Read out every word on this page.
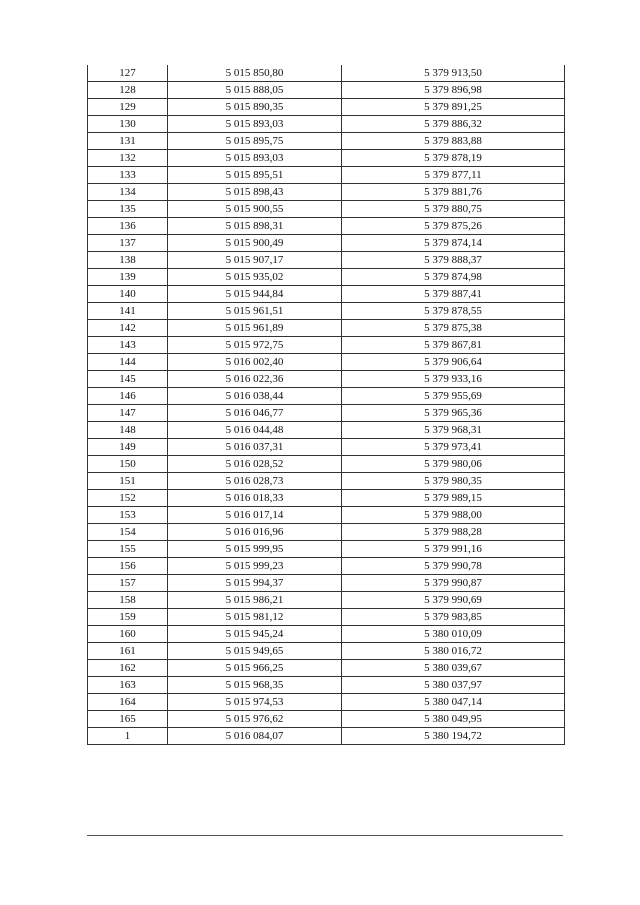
127	5 015 850,80	5 379 913,50
128	5 015 888,05	5 379 896,98
129	5 015 890,35	5 379 891,25
130	5 015 893,03	5 379 886,32
131	5 015 895,75	5 379 883,88
132	5 015 893,03	5 379 878,19
133	5 015 895,51	5 379 877,11
134	5 015 898,43	5 379 881,76
135	5 015 900,55	5 379 880,75
136	5 015 898,31	5 379 875,26
137	5 015 900,49	5 379 874,14
138	5 015 907,17	5 379 888,37
139	5 015 935,02	5 379 874,98
140	5 015 944,84	5 379 887,41
141	5 015 961,51	5 379 878,55
142	5 015 961,89	5 379 875,38
143	5 015 972,75	5 379 867,81
144	5 016 002,40	5 379 906,64
145	5 016 022,36	5 379 933,16
146	5 016 038,44	5 379 955,69
147	5 016 046,77	5 379 965,36
148	5 016 044,48	5 379 968,31
149	5 016 037,31	5 379 973,41
150	5 016 028,52	5 379 980,06
151	5 016 028,73	5 379 980,35
152	5 016 018,33	5 379 989,15
153	5 016 017,14	5 379 988,00
154	5 016 016,96	5 379 988,28
155	5 015 999,95	5 379 991,16
156	5 015 999,23	5 379 990,78
157	5 015 994,37	5 379 990,87
158	5 015 986,21	5 379 990,69
159	5 015 981,12	5 379 983,85
160	5 015 945,24	5 380 010,09
161	5 015 949,65	5 380 016,72
162	5 015 966,25	5 380 039,67
163	5 015 968,35	5 380 037,97
164	5 015 974,53	5 380 047,14
165	5 015 976,62	5 380 049,95
1	5 016 084,07	5 380 194,72
